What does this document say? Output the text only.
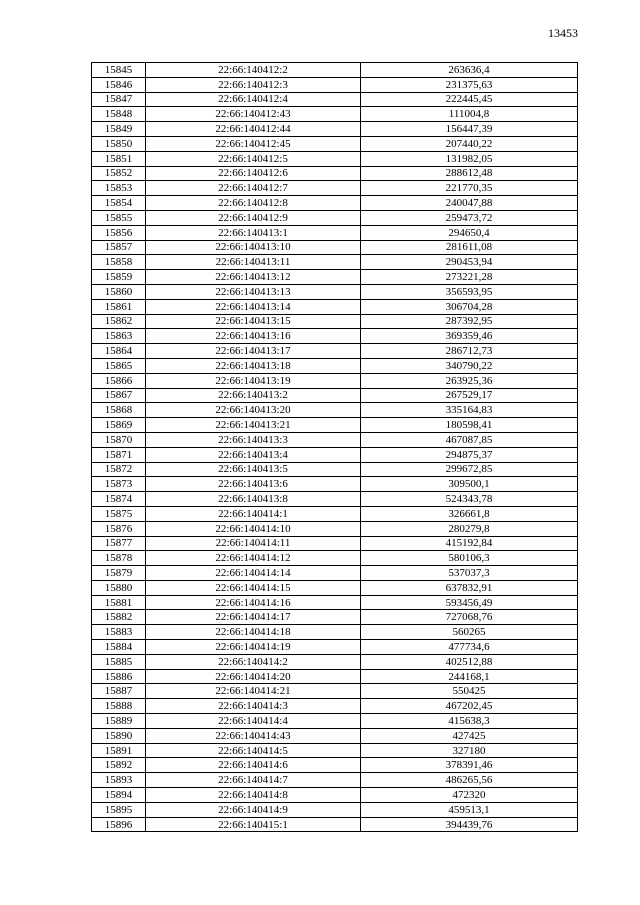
13453
15845	22:66:140412:2	263636,4
15846	22:66:140412:3	231375,63
15847	22:66:140412:4	222445,45
15848	22:66:140412:43	111004,8
15849	22:66:140412:44	156447,39
15850	22:66:140412:45	207440,22
15851	22:66:140412:5	131982,05
15852	22:66:140412:6	288612,48
15853	22:66:140412:7	221770,35
15854	22:66:140412:8	240047,88
15855	22:66:140412:9	259473,72
15856	22:66:140413:1	294650,4
15857	22:66:140413:10	281611,08
15858	22:66:140413:11	290453,94
15859	22:66:140413:12	273221,28
15860	22:66:140413:13	356593,95
15861	22:66:140413:14	306704,28
15862	22:66:140413:15	287392,95
15863	22:66:140413:16	369359,46
15864	22:66:140413:17	286712,73
15865	22:66:140413:18	340790,22
15866	22:66:140413:19	263925,36
15867	22:66:140413:2	267529,17
15868	22:66:140413:20	335164,83
15869	22:66:140413:21	180598,41
15870	22:66:140413:3	467087,85
15871	22:66:140413:4	294875,37
15872	22:66:140413:5	299672,85
15873	22:66:140413:6	309500,1
15874	22:66:140413:8	524343,78
15875	22:66:140414:1	326661,8
15876	22:66:140414:10	280279,8
15877	22:66:140414:11	415192,84
15878	22:66:140414:12	580106,3
15879	22:66:140414:14	537037,3
15880	22:66:140414:15	637832,91
15881	22:66:140414:16	593456,49
15882	22:66:140414:17	727068,76
15883	22:66:140414:18	560265
15884	22:66:140414:19	477734,6
15885	22:66:140414:2	402512,88
15886	22:66:140414:20	244168,1
15887	22:66:140414:21	550425
15888	22:66:140414:3	467202,45
15889	22:66:140414:4	415638,3
15890	22:66:140414:43	427425
15891	22:66:140414:5	327180
15892	22:66:140414:6	378391,46
15893	22:66:140414:7	486265,56
15894	22:66:140414:8	472320
15895	22:66:140414:9	459513,1
15896	22:66:140415:1	394439,76
